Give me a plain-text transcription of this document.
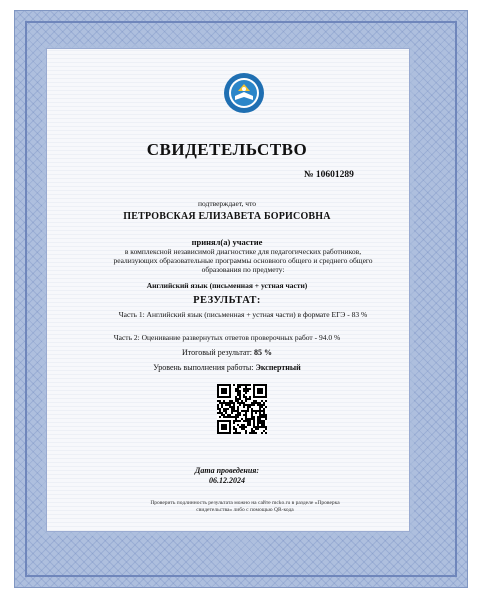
СВИДЕТЕЛЬСТВО
№ 10601289
подтверждает, что
ПЕТРОВСКАЯ ЕЛИЗАВЕТА БОРИСОВНА
принял(а) участие
в комплексной независимой диагностике для педагогических работников, реализующих образовательные программы основного общего и среднего общего образования по предмету:
Английский язык (письменная + устная части)
РЕЗУЛЬТАТ:
Часть 1: Английский язык (письменная + устная части) в формате ЕГЭ - 83 %
Часть 2: Оценивание развернутых ответов проверочных работ - 94.0 %
Итоговый результат: 85 %
Уровень выполнения работы: Экспертный
Дата проведения:
06.12.2024
Проверить подлинность результата можно на сайте mcko.ru в разделе «Проверка свидетельства» либо с помощью QR-кода
